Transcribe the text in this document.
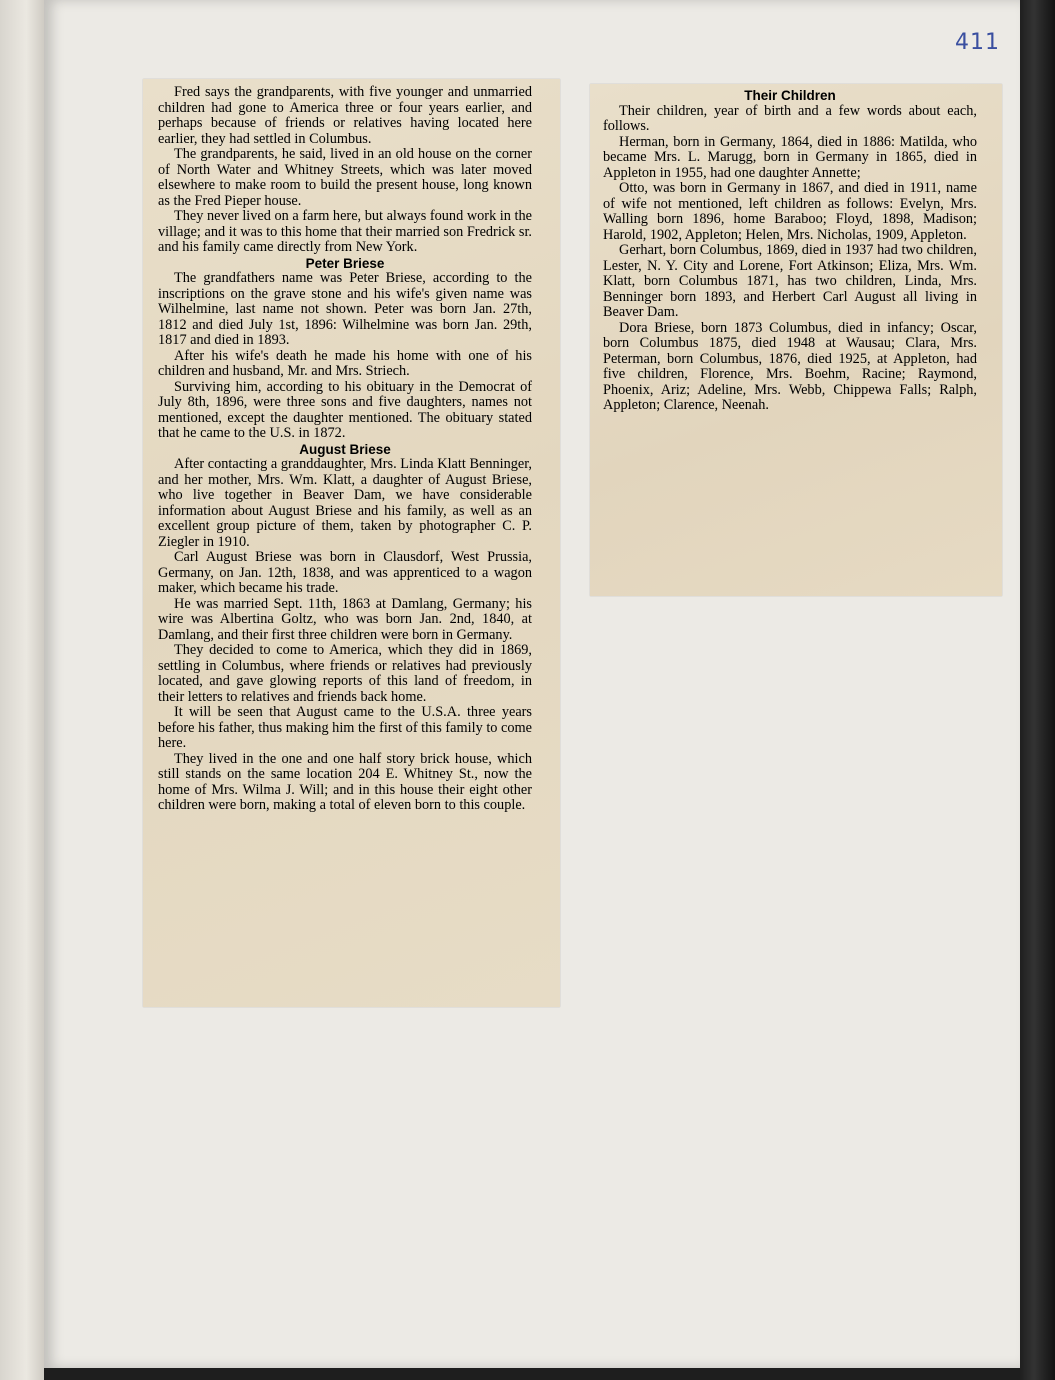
411

Fred says the grandparents, with five younger and unmarried children had gone to America three or four years earlier, and perhaps because of friends or relatives having located here earlier, they had settled in Columbus.

The grandparents, he said, lived in an old house on the corner of North Water and Whitney Streets, which was later moved elsewhere to make room to build the present house, long known as the Fred Pieper house.

They never lived on a farm here, but always found work in the village; and it was to this home that their married son Fredrick sr. and his family came directly from New York.

Peter Briese

The grandfathers name was Peter Briese, according to the inscriptions on the grave stone and his wife's given name was Wilhelmine, last name not shown. Peter was born Jan. 27th, 1812 and died July 1st, 1896: Wilhelmine was born Jan. 29th, 1817 and died in 1893.

After his wife's death he made his home with one of his children and husband, Mr. and Mrs. Striech.

Surviving him, according to his obituary in the Democrat of July 8th, 1896, were three sons and five daughters, names not mentioned, except the daughter mentioned. The obituary stated that he came to the U.S. in 1872.

August Briese

After contacting a granddaughter, Mrs. Linda Klatt Benninger, and her mother, Mrs. Wm. Klatt, a daughter of August Briese, who live together in Beaver Dam, we have considerable information about August Briese and his family, as well as an excellent group picture of them, taken by photographer C. P. Ziegler in 1910.

Carl August Briese was born in Clausdorf, West Prussia, Germany, on Jan. 12th, 1838, and was apprenticed to a wagon maker, which became his trade.

He was married Sept. 11th, 1863 at Damlang, Germany; his wire was Albertina Goltz, who was born Jan. 2nd, 1840, at Damlang, and their first three children were born in Germany.

They decided to come to America, which they did in 1869, settling in Columbus, where friends or relatives had previously located, and gave glowing reports of this land of freedom, in their letters to relatives and friends back home.

It will be seen that August came to the U.S.A. three years before his father, thus making him the first of this family to come here.

They lived in the one and one half story brick house, which still stands on the same location 204 E. Whitney St., now the home of Mrs. Wilma J. Will; and in this house their eight other children were born, making a total of eleven born to this couple.

Their Children

Their children, year of birth and a few words about each, follows.

Herman, born in Germany, 1864, died in 1886: Matilda, who became Mrs. L. Marugg, born in Germany in 1865, died in Appleton in 1955, had one daughter Annette;

Otto, was born in Germany in 1867, and died in 1911, name of wife not mentioned, left children as follows: Evelyn, Mrs. Walling born 1896, home Baraboo; Floyd, 1898, Madison; Harold, 1902, Appleton; Helen, Mrs. Nicholas, 1909, Appleton.

Gerhart, born Columbus, 1869, died in 1937 had two children, Lester, N. Y. City and Lorene, Fort Atkinson; Eliza, Mrs. Wm. Klatt, born Columbus 1871, has two children, Linda, Mrs. Benninger born 1893, and Herbert Carl August all living in Beaver Dam.

Dora Briese, born 1873 Columbus, died in infancy; Oscar, born Columbus 1875, died 1948 at Wausau; Clara, Mrs. Peterman, born Columbus, 1876, died 1925, at Appleton, had five children, Florence, Mrs. Boehm, Racine; Raymond, Phoenix, Ariz; Adeline, Mrs. Webb, Chippewa Falls; Ralph, Appleton; Clarence, Neenah.
